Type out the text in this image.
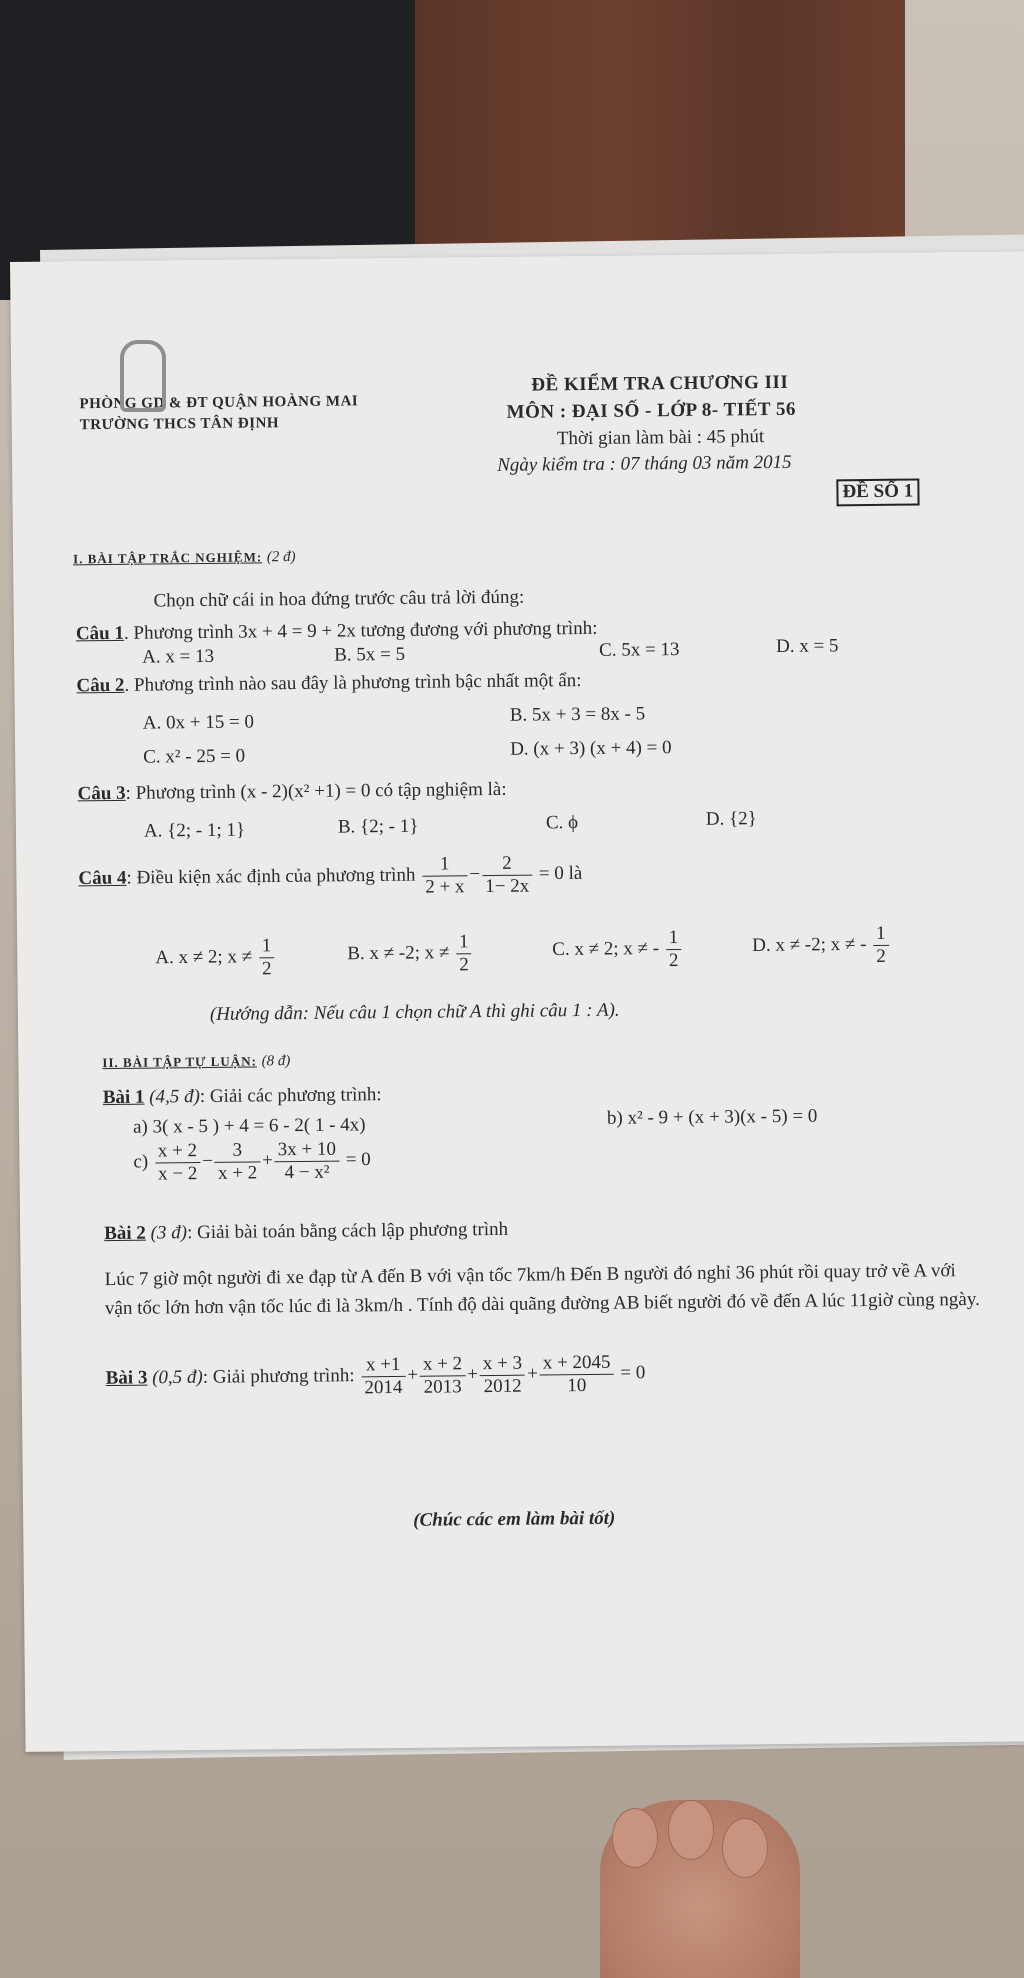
PHÒNG GD & ĐT QUẬN HOÀNG MAI
TRƯỜNG THCS TÂN ĐỊNH
ĐỀ KIỂM TRA CHƯƠNG III
MÔN : ĐẠI SỐ - LỚP 8- TIẾT 56
Thời gian làm bài : 45 phút
Ngày kiểm tra : 07 tháng 03 năm 2015
ĐỀ SỐ 1
I. BÀI TẬP TRẮC NGHIỆM: (2 đ)
Chọn chữ cái in hoa đứng trước câu trả lời đúng:
Câu 1. Phương trình 3x + 4 = 9 + 2x tương đương với phương trình:
A. x = 13	B. 5x = 5	C. 5x = 13	D. x = 5
Câu 2. Phương trình nào sau đây là phương trình bậc nhất một ẩn:
A. 0x + 15 = 0	B. 5x + 3 = 8x - 5
C. x² - 25 = 0	D. (x + 3) (x + 4) = 0
Câu 3: Phương trình (x - 2)(x² +1) = 0 có tập nghiệm là:
A. {2; - 1; 1}	B. {2; - 1}	C. ϕ	D. {2}
Câu 4: Điều kiện xác định của phương trình $\frac{1}{2 + x} - \frac{2}{1- 2x} = 0$ là
A. x ≠ 2; $x \ne \frac{1}{2}$	B. x ≠ -2; $x \ne \frac{1}{2}$	C. x ≠ 2; x ≠ - $\frac{1}{2}$	D. x ≠ -2; x ≠ - $\frac{1}{2}$
(Hướng dẫn: Nếu câu 1 chọn chữ A thì ghi câu 1 : A).
II. BÀI TẬP TỰ LUẬN: (8 đ)
Bài 1 (4,5 đ): Giải các phương trình:
a) 3( x - 5 ) + 4 = 6 - 2( 1 - 4x)	b) x² - 9 + (x + 3)(x - 5) = 0
$c) \frac{x + 2}{x - 2} - \frac{3}{x + 2} + \frac{3x + 10}{\text{4 − x²}} = 0$
Bài 2 (3 đ): Giải bài toán bằng cách lập phương trình
Lúc 7 giờ một người đi xe đạp từ A đến B với vận tốc 7km/h Đến B người đó nghỉ 36 phút rồi quay trở về A với vận tốc lớn hơn vận tốc lúc đi là 3km/h . Tính độ dài quãng đường AB biết người đó về đến A lúc 11giờ cùng ngày.
Bài 3 (0,5 đ): Giải phương trình: $\frac{x +1}{2014} + \frac{x + 2}{2013} + \frac{x + 3}{2012} + \frac{x + 2045}{10} = 0$
(Chúc các em làm bài tốt)
